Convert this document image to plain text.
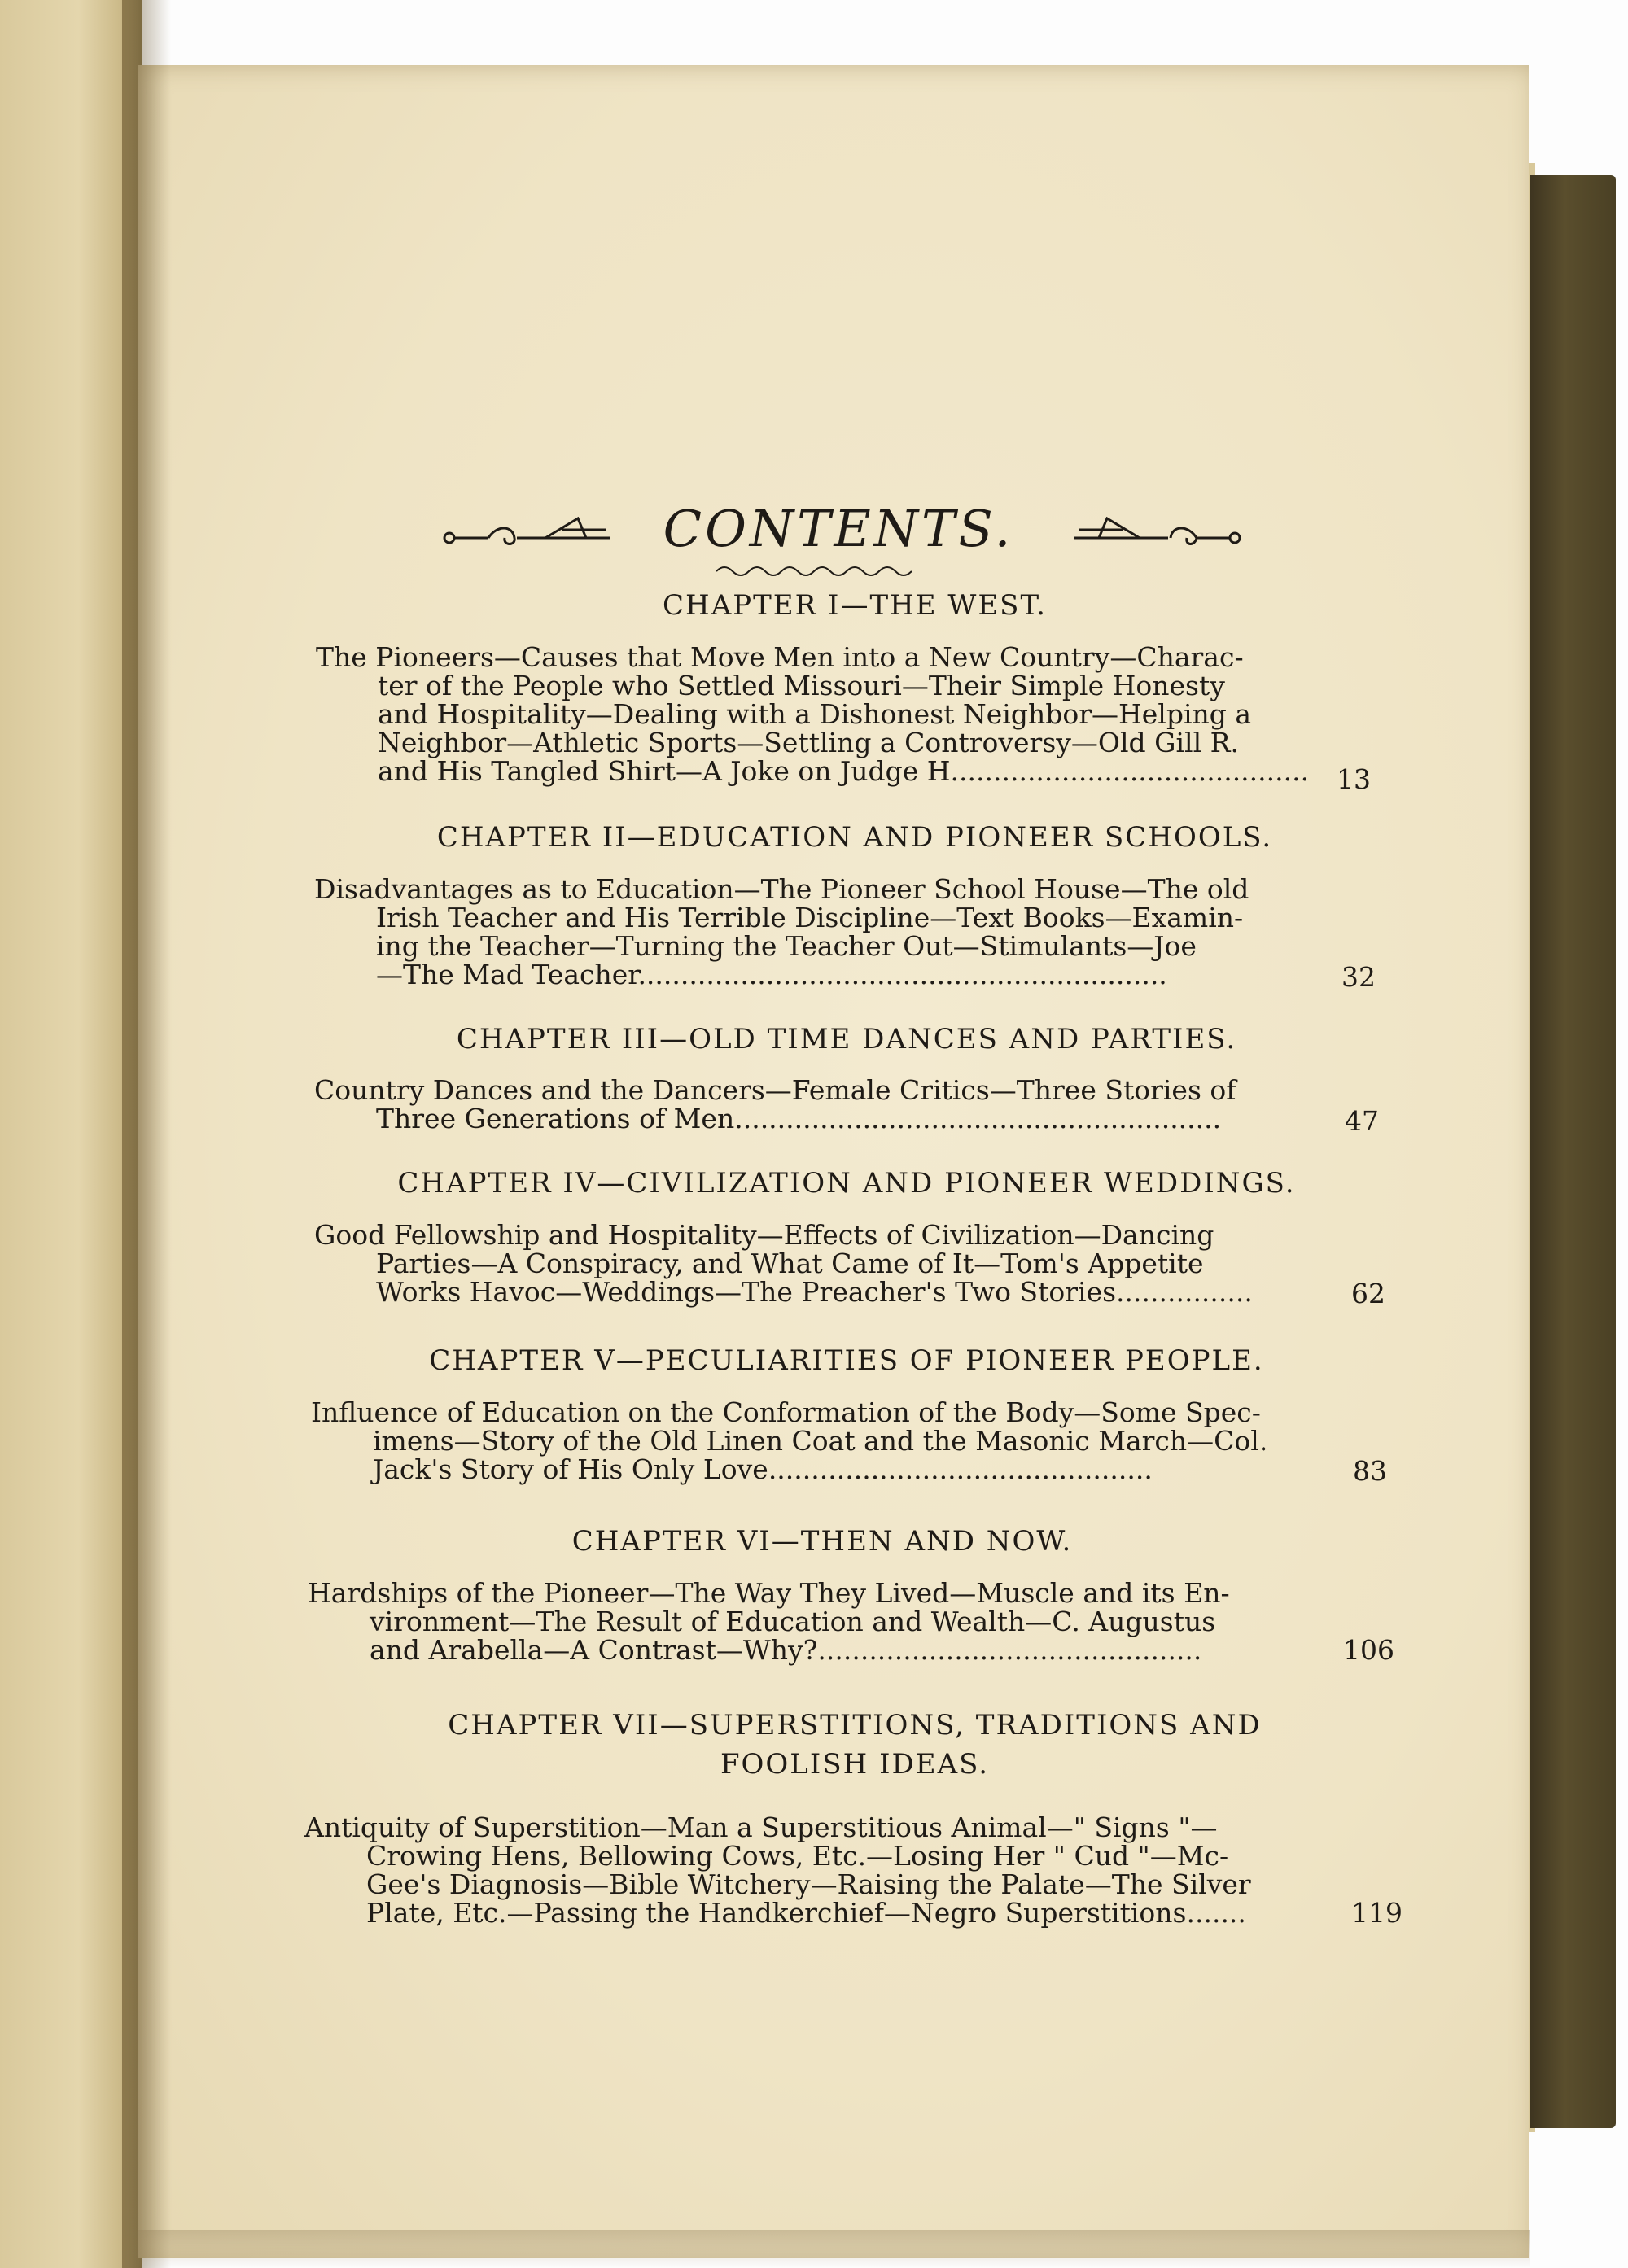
CONTENTS.
CHAPTER I—THE WEST.
The Pioneers—Causes that Move Men into a New Country—Charac-
ter of the People who Settled Missouri—Their Simple Honesty
and Hospitality—Dealing with a Dishonest Neighbor—Helping a
Neighbor—Athletic Sports—Settling a Controversy—Old Gill R.
and His Tangled Shirt—A Joke on Judge H.......................................... 13
CHAPTER II—EDUCATION AND PIONEER SCHOOLS.
Disadvantages as to Education—The Pioneer School House—The old
Irish Teacher and His Terrible Discipline—Text Books—Examin-
ing the Teacher—Turning the Teacher Out—Stimulants—Joe
—The Mad Teacher..............................................................	32
CHAPTER III—OLD TIME DANCES AND PARTIES.
Country Dances and the Dancers—Female Critics—Three Stories of
Three Generations of Men.........................................................	47
CHAPTER IV—CIVILIZATION AND PIONEER WEDDINGS.
Good Fellowship and Hospitality—Effects of Civilization—Dancing
Parties—A Conspiracy, and What Came of It—Tom's Appetite
Works Havoc—Weddings—The Preacher's Two Stories................	62
CHAPTER V—PECULIARITIES OF PIONEER PEOPLE.
Influence of Education on the Conformation of the Body—Some Spec-
imens—Story of the Old Linen Coat and the Masonic March—Col.
Jack's Story of His Only Love.............................................	83
CHAPTER VI—THEN AND NOW.
Hardships of the Pioneer—The Way They Lived—Muscle and its En-
vironment—The Result of Education and Wealth—C. Augustus
and Arabella—A Contrast—Why?.............................................	106
CHAPTER VII—SUPERSTITIONS, TRADITIONS AND
FOOLISH IDEAS.
Antiquity of Superstition—Man a Superstitious Animal—" Signs "—
Crowing Hens, Bellowing Cows, Etc.—Losing Her " Cud "—Mc-
Gee's Diagnosis—Bible Witchery—Raising the Palate—The Silver
Plate, Etc.—Passing the Handkerchief—Negro Superstitions.......	119
